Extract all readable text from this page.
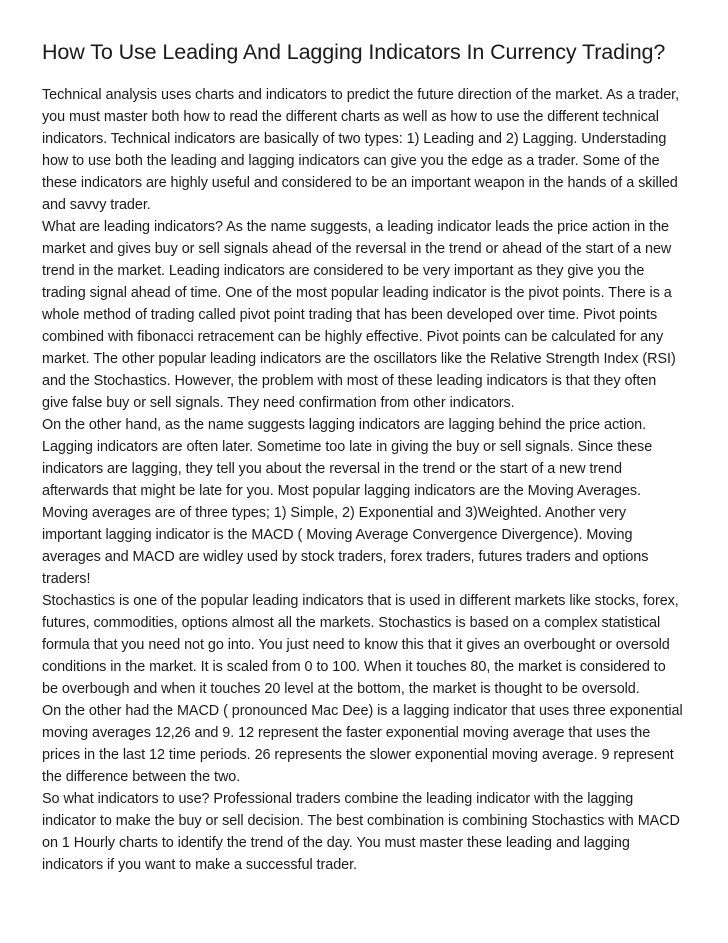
How To Use Leading And Lagging Indicators In Currency Trading?

Technical analysis uses charts and indicators to predict the future direction of the market. As a trader,
you must master both how to read the different charts as well as how to use the different technical
indicators. Technical indicators are basically of two types: 1) Leading and 2) Lagging. Understading
how to use both the leading and lagging indicators can give you the edge as a trader. Some of the
these indicators are highly useful and considered to be an important weapon in the hands of a skilled
and savvy trader.

What are leading indicators? As the name suggests, a leading indicator leads the price action in the
market and gives buy or sell signals ahead of the reversal in the trend or ahead of the start of a new
trend in the market. Leading indicators are considered to be very important as they give you the
trading signal ahead of time. One of the most popular leading indicator is the pivot points. There is a
whole method of trading called pivot point trading that has been developed over time. Pivot points
combined with fibonacci retracement can be highly effective. Pivot points can be calculated for any
market. The other popular leading indicators are the oscillators like the Relative Strength Index (RSI)
and the Stochastics. However, the problem with most of these leading indicators is that they often
give false buy or sell signals. They need confirmation from other indicators.

On the other hand, as the name suggests lagging indicators are lagging behind the price action.
Lagging indicators are often later. Sometime too late in giving the buy or sell signals. Since these
indicators are lagging, they tell you about the reversal in the trend or the start of a new trend
afterwards that might be late for you. Most popular lagging indicators are the Moving Averages.
Moving averages are of three types; 1) Simple, 2) Exponential and 3)Weighted. Another very
important lagging indicator is the MACD ( Moving Average Convergence Divergence). Moving
averages and MACD are widley used by stock traders, forex traders, futures traders and options
traders!

Stochastics is one of the popular leading indicators that is used in different markets like stocks, forex,
futures, commodities, options almost all the markets. Stochastics is based on a complex statistical
formula that you need not go into. You just need to know this that it gives an overbought or oversold
conditions in the market. It is scaled from 0 to 100. When it touches 80, the market is considered to
be overbough and when it touches 20 level at the bottom, the market is thought to be oversold.

On the other had the MACD ( pronounced Mac Dee) is a lagging indicator that uses three exponential
moving averages 12,26 and 9. 12 represent the faster exponential moving average that uses the
prices in the last 12 time periods. 26 represents the slower exponential moving average. 9 represent
the difference between the two.

So what indicators to use? Professional traders combine the leading indicator with the lagging
indicator to make the buy or sell decision. The best combination is combining Stochastics with MACD
on 1 Hourly charts to identify the trend of the day. You must master these leading and lagging
indicators if you want to make a successful trader.
